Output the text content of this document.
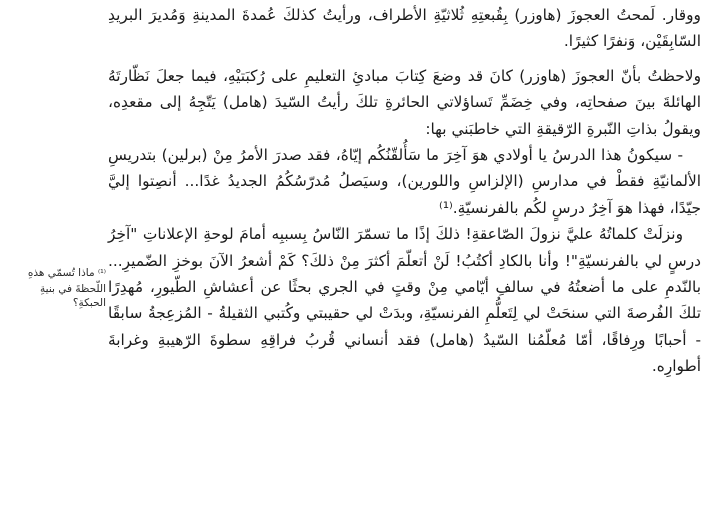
ووقار. لَمحتُ العجوزَ (هاوزر) بِقُبعتِهِ ثُلاثيّةِ الأطراف، ورأيتُ كذلكَ عُمدةَ المدينةِ وَمُديرَ البريدِ السّابِقَيْن، وَنفرًا كثيرًا.

ولاحظتُ بأنّ العجوزَ (هاوزر) كانَ قد وضعَ كِتابَ مبادئِ التعليمِ على رُكبَتيْهِ، فيما جعلَ نَظّارتَهُ الهائلةَ بينَ صفحاتِه، وفي خِضَمِّ تَساؤلاتي الحائرةِ تلكَ رأيتُ السّيدَ (هامل) يَتّجِهُ إلى مقعدِه، ويقولُ بذاتِ النّبرةِ الرّقيقةِ التي خاطبَني بها:

- سيكونُ هذا الدرسُ يا أولادي هوَ آخِرَ ما سَأُلقّنُكُم إيّاهُ، فقد صدرَ الأمرُ مِنْ (برلين) بتدريسِ الألمانيّةِ فقطْ في مدارسِ (الإلزاسِ واللورين)، وسيَصلُ مُدرّسُكُمُ الجديدُ غدًا... أنصِتوا إليَّ جيّدًا، فهذا هوَ آخِرُ درسٍ لكُم بالفرنسيّةِ.⁽¹⁾

ونزلَتْ كلماتُهُ عليَّ نزولَ الصّاعقةِ! ذلكَ إذًا ما تسمّرَ النّاسُ بِسببِه أمامَ لوحةِ الإعلاناتِ "آخِرُ درسٍ لي بالفرنسيّةِ"! وأنا بالكادِ أكتُبُ! لَنْ أتعلّمَ أكثرَ مِنْ ذلكَ؟ كَمْ أشعرُ الآنَ بوخزِ الضّميرِ... بالنّدمِ على ما أضعتُهُ في سالفِ أيّامي مِنْ وقتٍ في الجري بحثًا عن أعشاشِ الطّيورِ، مُهدِرًا تلكَ الفُرصةَ التي سنحَتْ لي لِتَعلُّمِ الفرنسيّةِ، وبدَتْ لي حقيبتي وكُتبي الثقيلةُ - المُزعِجةُ سابقًا - أحبابًا ورِفاقًا، أمّا مُعلّمُنا السّيدُ (هامل) فقد أنساني قُربُ فراقِهِ سطوةَ الرّهيبةِ وغرابةَ أطوارِه.

⁽¹⁾ ماذا تُسمّي هذهِ اللّحظةَ في بنيةِ الحبكةِ؟
